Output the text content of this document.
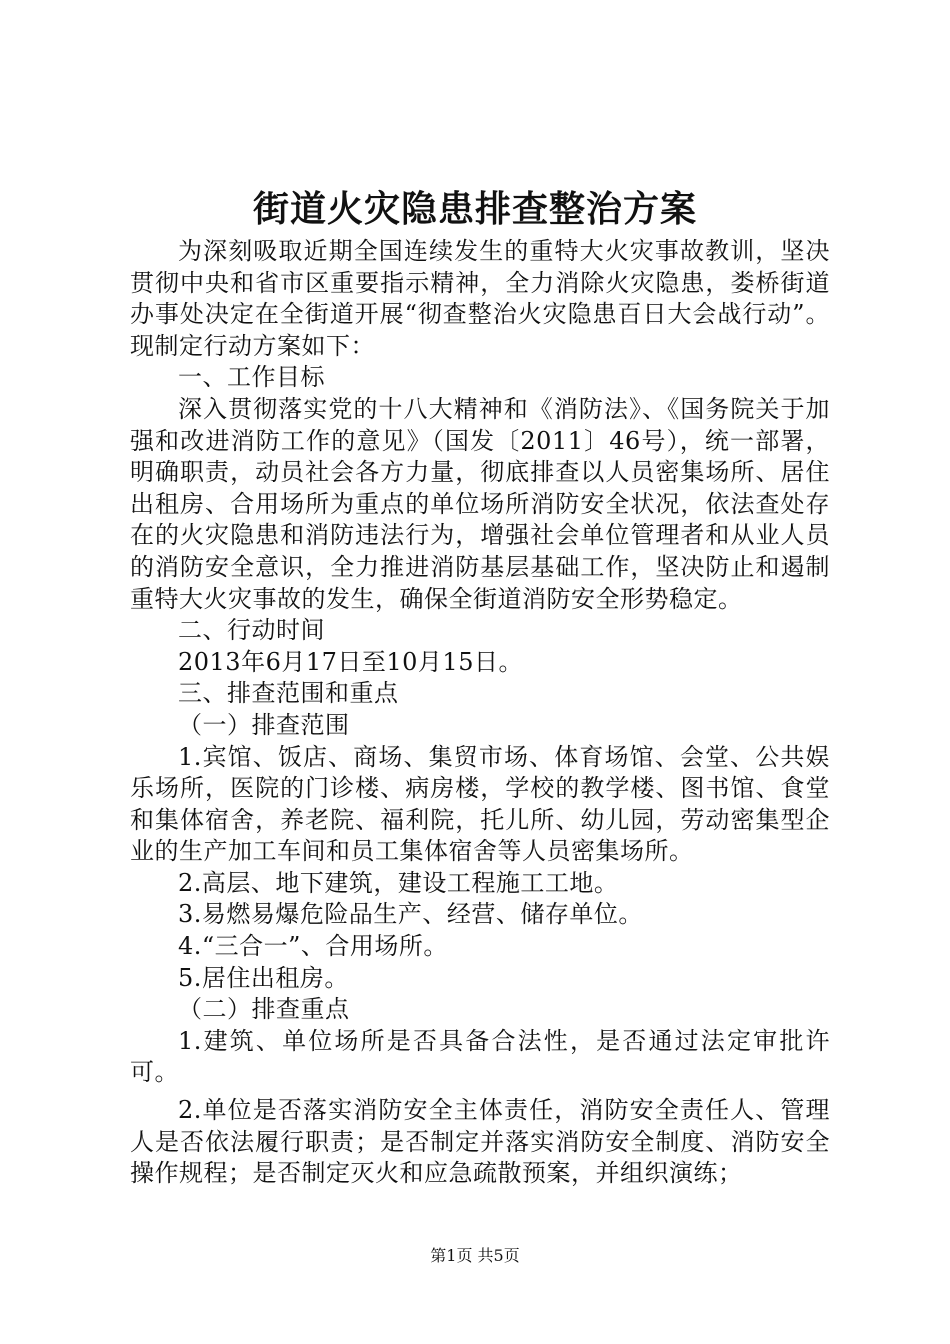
街道火灾隐患排查整治方案

为深刻吸取近期全国连续发生的重特大火灾事故教训，坚决贯彻中央和省市区重要指示精神，全力消除火灾隐患，娄桥街道办事处决定在全街道开展“彻查整治火灾隐患百日大会战行动”。现制定行动方案如下：

一、工作目标

深入贯彻落实党的十八大精神和《消防法》、《国务院关于加强和改进消防工作的意见》（国发〔2011〕46号），统一部署，明确职责，动员社会各方力量，彻底排查以人员密集场所、居住出租房、合用场所为重点的单位场所消防安全状况，依法查处存在的火灾隐患和消防违法行为，增强社会单位管理者和从业人员的消防安全意识，全力推进消防基层基础工作，坚决防止和遏制重特大火灾事故的发生，确保全街道消防安全形势稳定。

二、行动时间

2013年6月17日至10月15日。

三、排查范围和重点

（一）排查范围

1.宾馆、饭店、商场、集贸市场、体育场馆、会堂、公共娱乐场所，医院的门诊楼、病房楼，学校的教学楼、图书馆、食堂和集体宿舍，养老院、福利院，托儿所、幼儿园，劳动密集型企业的生产加工车间和员工集体宿舍等人员密集场所。

2.高层、地下建筑，建设工程施工工地。

3.易燃易爆危险品生产、经营、储存单位。

4.“三合一”、合用场所。

5.居住出租房。

（二）排查重点

1.建筑、单位场所是否具备合法性，是否通过法定审批许可。

2.单位是否落实消防安全主体责任，消防安全责任人、管理人是否依法履行职责；是否制定并落实消防安全制度、消防安全操作规程；是否制定灭火和应急疏散预案，并组织演练；

第1页 共5页
